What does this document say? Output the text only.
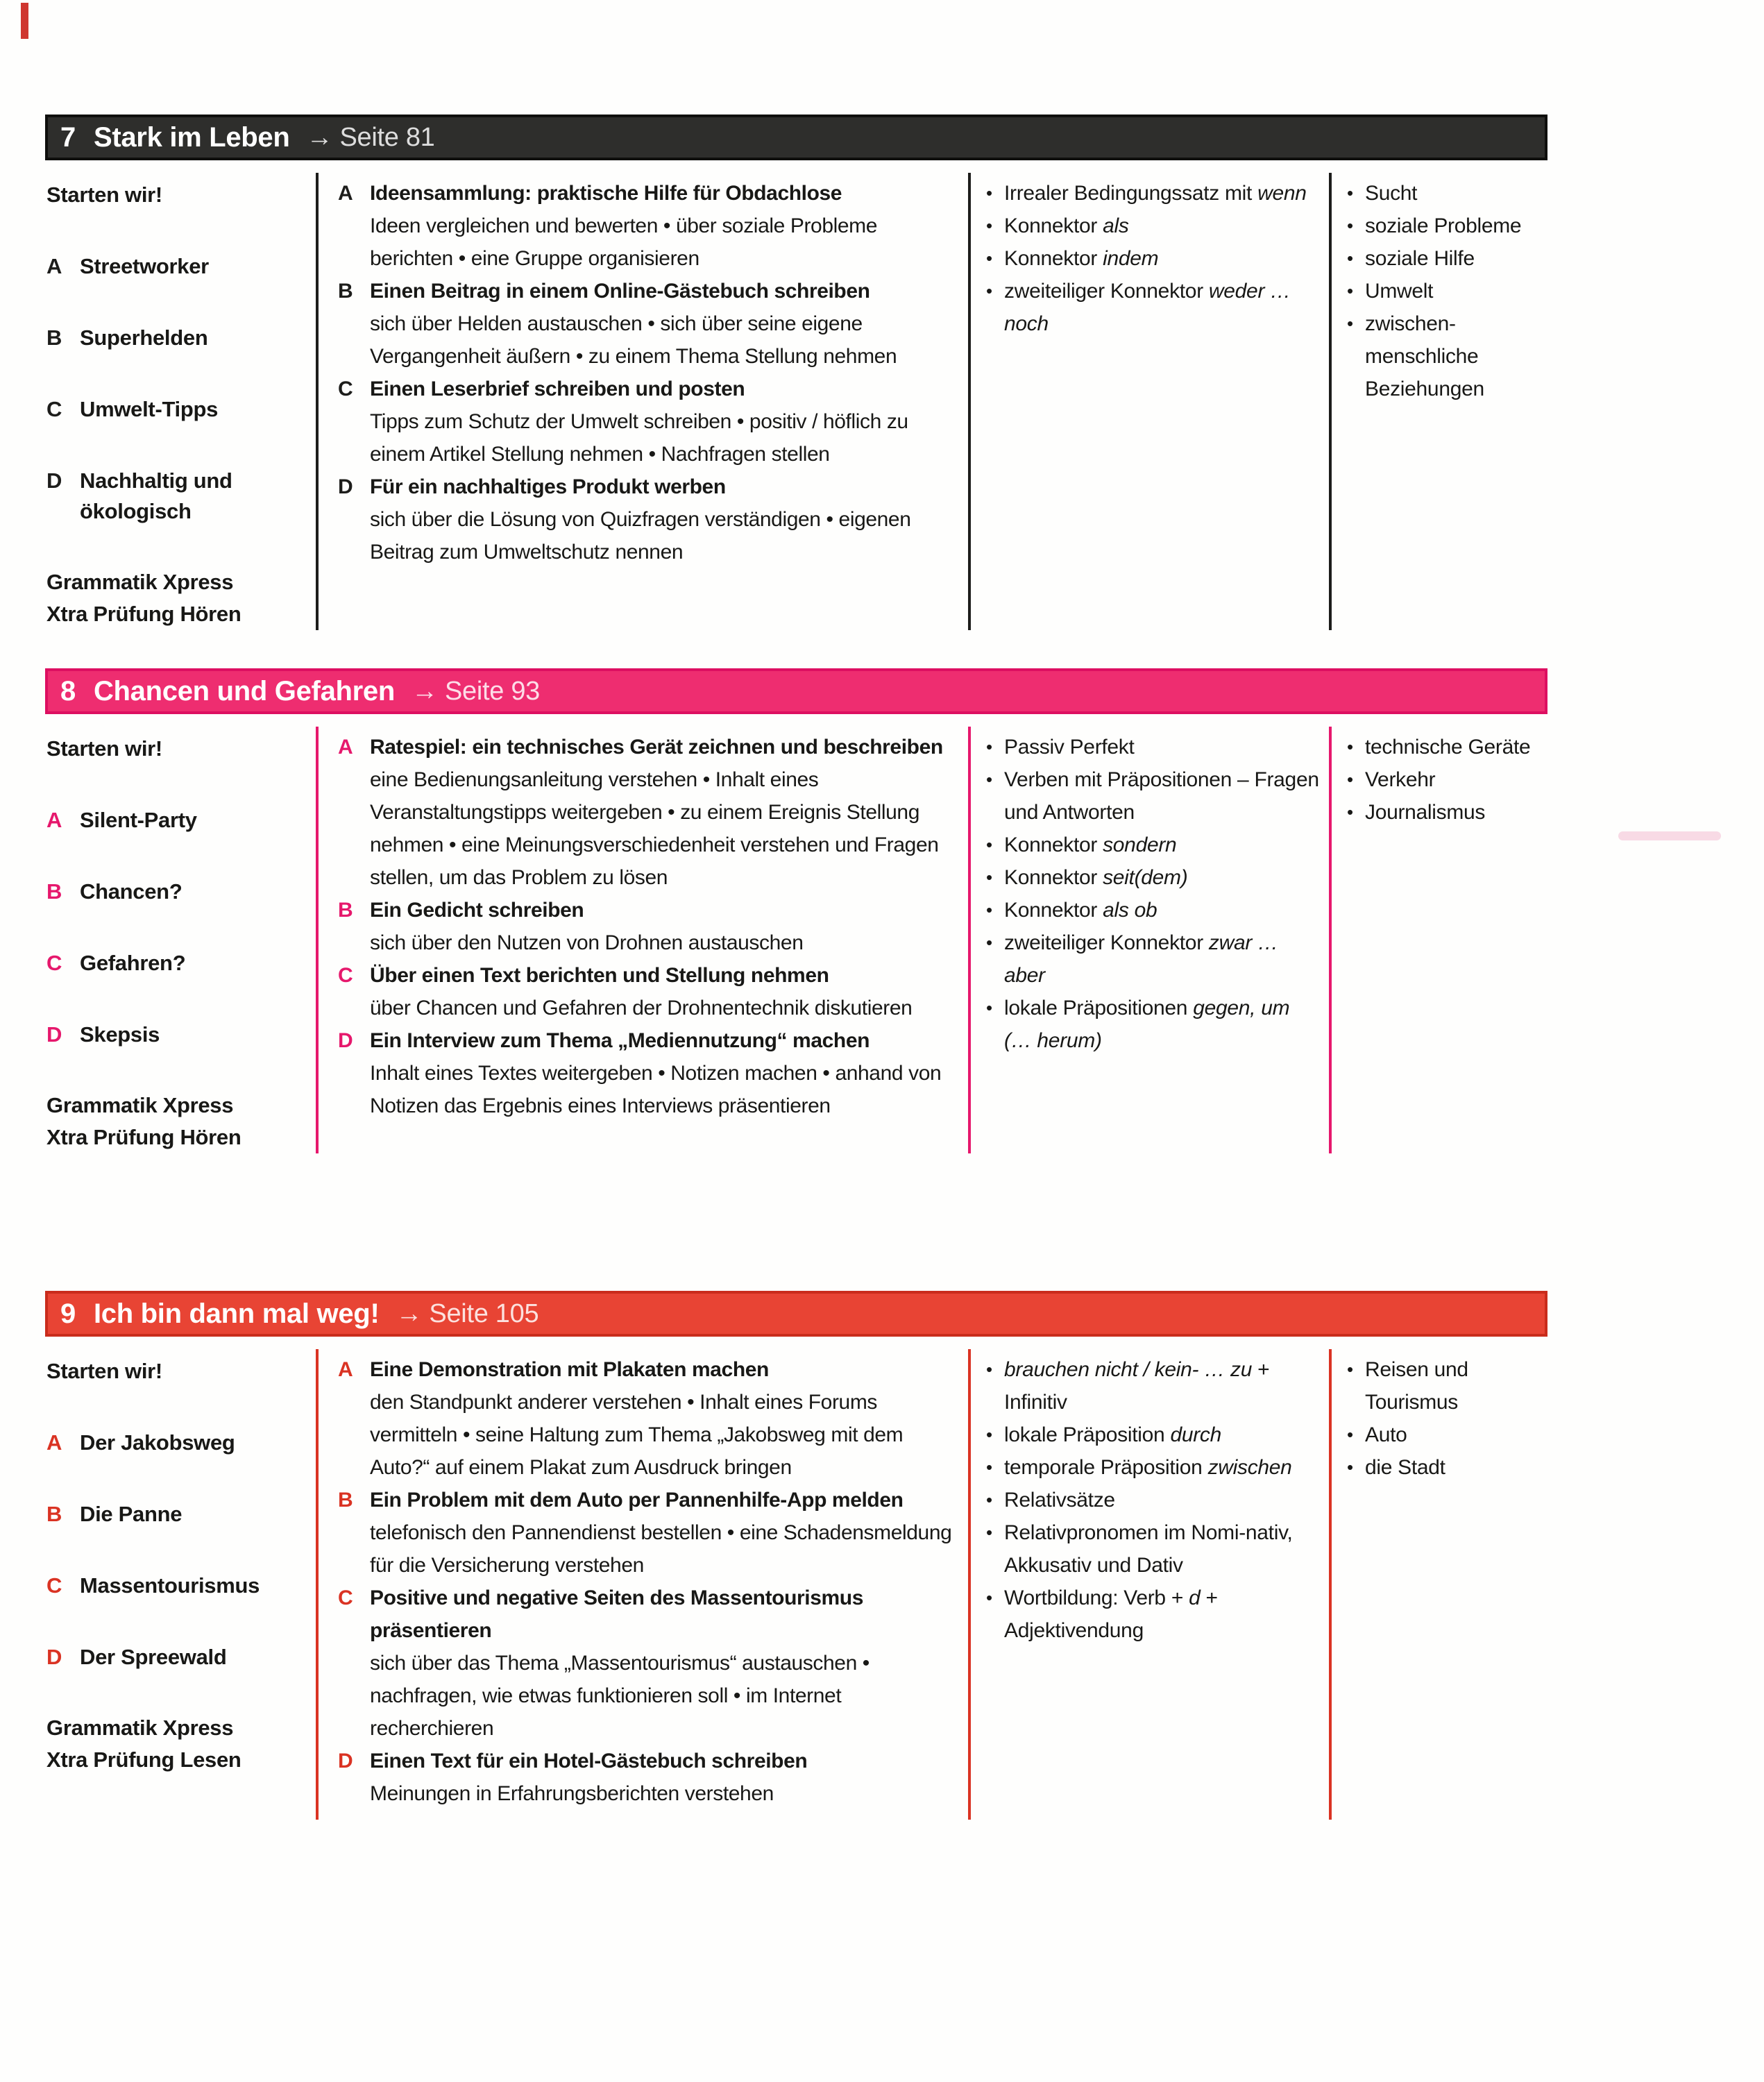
7 Stark im Leben → Seite 81
Starten wir!
A Streetworker
B Superhelden
C Umwelt-Tipps
D Nachhaltig und ökologisch
Grammatik Xpress
Xtra Prüfung Hören
A Ideensammlung: praktische Hilfe für Obdachlose
Ideen vergleichen und bewerten • über soziale Probleme berichten • eine Gruppe organisieren
B Einen Beitrag in einem Online-Gästebuch schreiben
sich über Helden austauschen • sich über seine eigene Vergangenheit äußern • zu einem Thema Stellung nehmen
C Einen Leserbrief schreiben und posten
Tipps zum Schutz der Umwelt schreiben • positiv / höflich zu einem Artikel Stellung nehmen • Nachfragen stellen
D Für ein nachhaltiges Produkt werben
sich über die Lösung von Quizfragen verständigen • eigenen Beitrag zum Umweltschutz nennen
• Irrealer Bedingungssatz mit wenn
• Konnektor als
• Konnektor indem
• zweiteiliger Konnektor weder … noch
• Sucht
• soziale Probleme
• soziale Hilfe
• Umwelt
• zwischen-menschliche Beziehungen
8 Chancen und Gefahren → Seite 93
Starten wir!
A Silent-Party
B Chancen?
C Gefahren?
D Skepsis
Grammatik Xpress
Xtra Prüfung Hören
A Ratespiel: ein technisches Gerät zeichnen und beschreiben
eine Bedienungsanleitung verstehen • Inhalt eines Veranstaltungstipps weitergeben • zu einem Ereignis Stellung nehmen • eine Meinungsverschiedenheit verstehen und Fragen stellen, um das Problem zu lösen
B Ein Gedicht schreiben
sich über den Nutzen von Drohnen austauschen
C Über einen Text berichten und Stellung nehmen
über Chancen und Gefahren der Drohnentechnik diskutieren
D Ein Interview zum Thema „Mediennutzung“ machen
Inhalt eines Textes weitergeben • Notizen machen • anhand von Notizen das Ergebnis eines Interviews präsentieren
• Passiv Perfekt
• Verben mit Präpositionen – Fragen und Antworten
• Konnektor sondern
• Konnektor seit(dem)
• Konnektor als ob
• zweiteiliger Konnektor zwar … aber
• lokale Präpositionen gegen, um (… herum)
• technische Geräte
• Verkehr
• Journalismus
9 Ich bin dann mal weg! → Seite 105
Starten wir!
A Der Jakobsweg
B Die Panne
C Massentourismus
D Der Spreewald
Grammatik Xpress
Xtra Prüfung Lesen
A Eine Demonstration mit Plakaten machen
den Standpunkt anderer verstehen • Inhalt eines Forums vermitteln • seine Haltung zum Thema „Jakobsweg mit dem Auto?“ auf einem Plakat zum Ausdruck bringen
B Ein Problem mit dem Auto per Pannenhilfe-App melden
telefonisch den Pannendienst bestellen • eine Schadensmeldung für die Versicherung verstehen
C Positive und negative Seiten des Massentourismus präsentieren
sich über das Thema „Massentourismus“ austauschen • nachfragen, wie etwas funktionieren soll • im Internet recherchieren
D Einen Text für ein Hotel-Gästebuch schreiben
Meinungen in Erfahrungsberichten verstehen
• brauchen nicht / kein- … zu + Infinitiv
• lokale Präposition durch
• temporale Präposition zwischen
• Relativsätze
• Relativpronomen im Nomi-nativ, Akkusativ und Dativ
• Wortbildung: Verb + d + Adjektivendung
• Reisen und Tourismus
• Auto
• die Stadt
